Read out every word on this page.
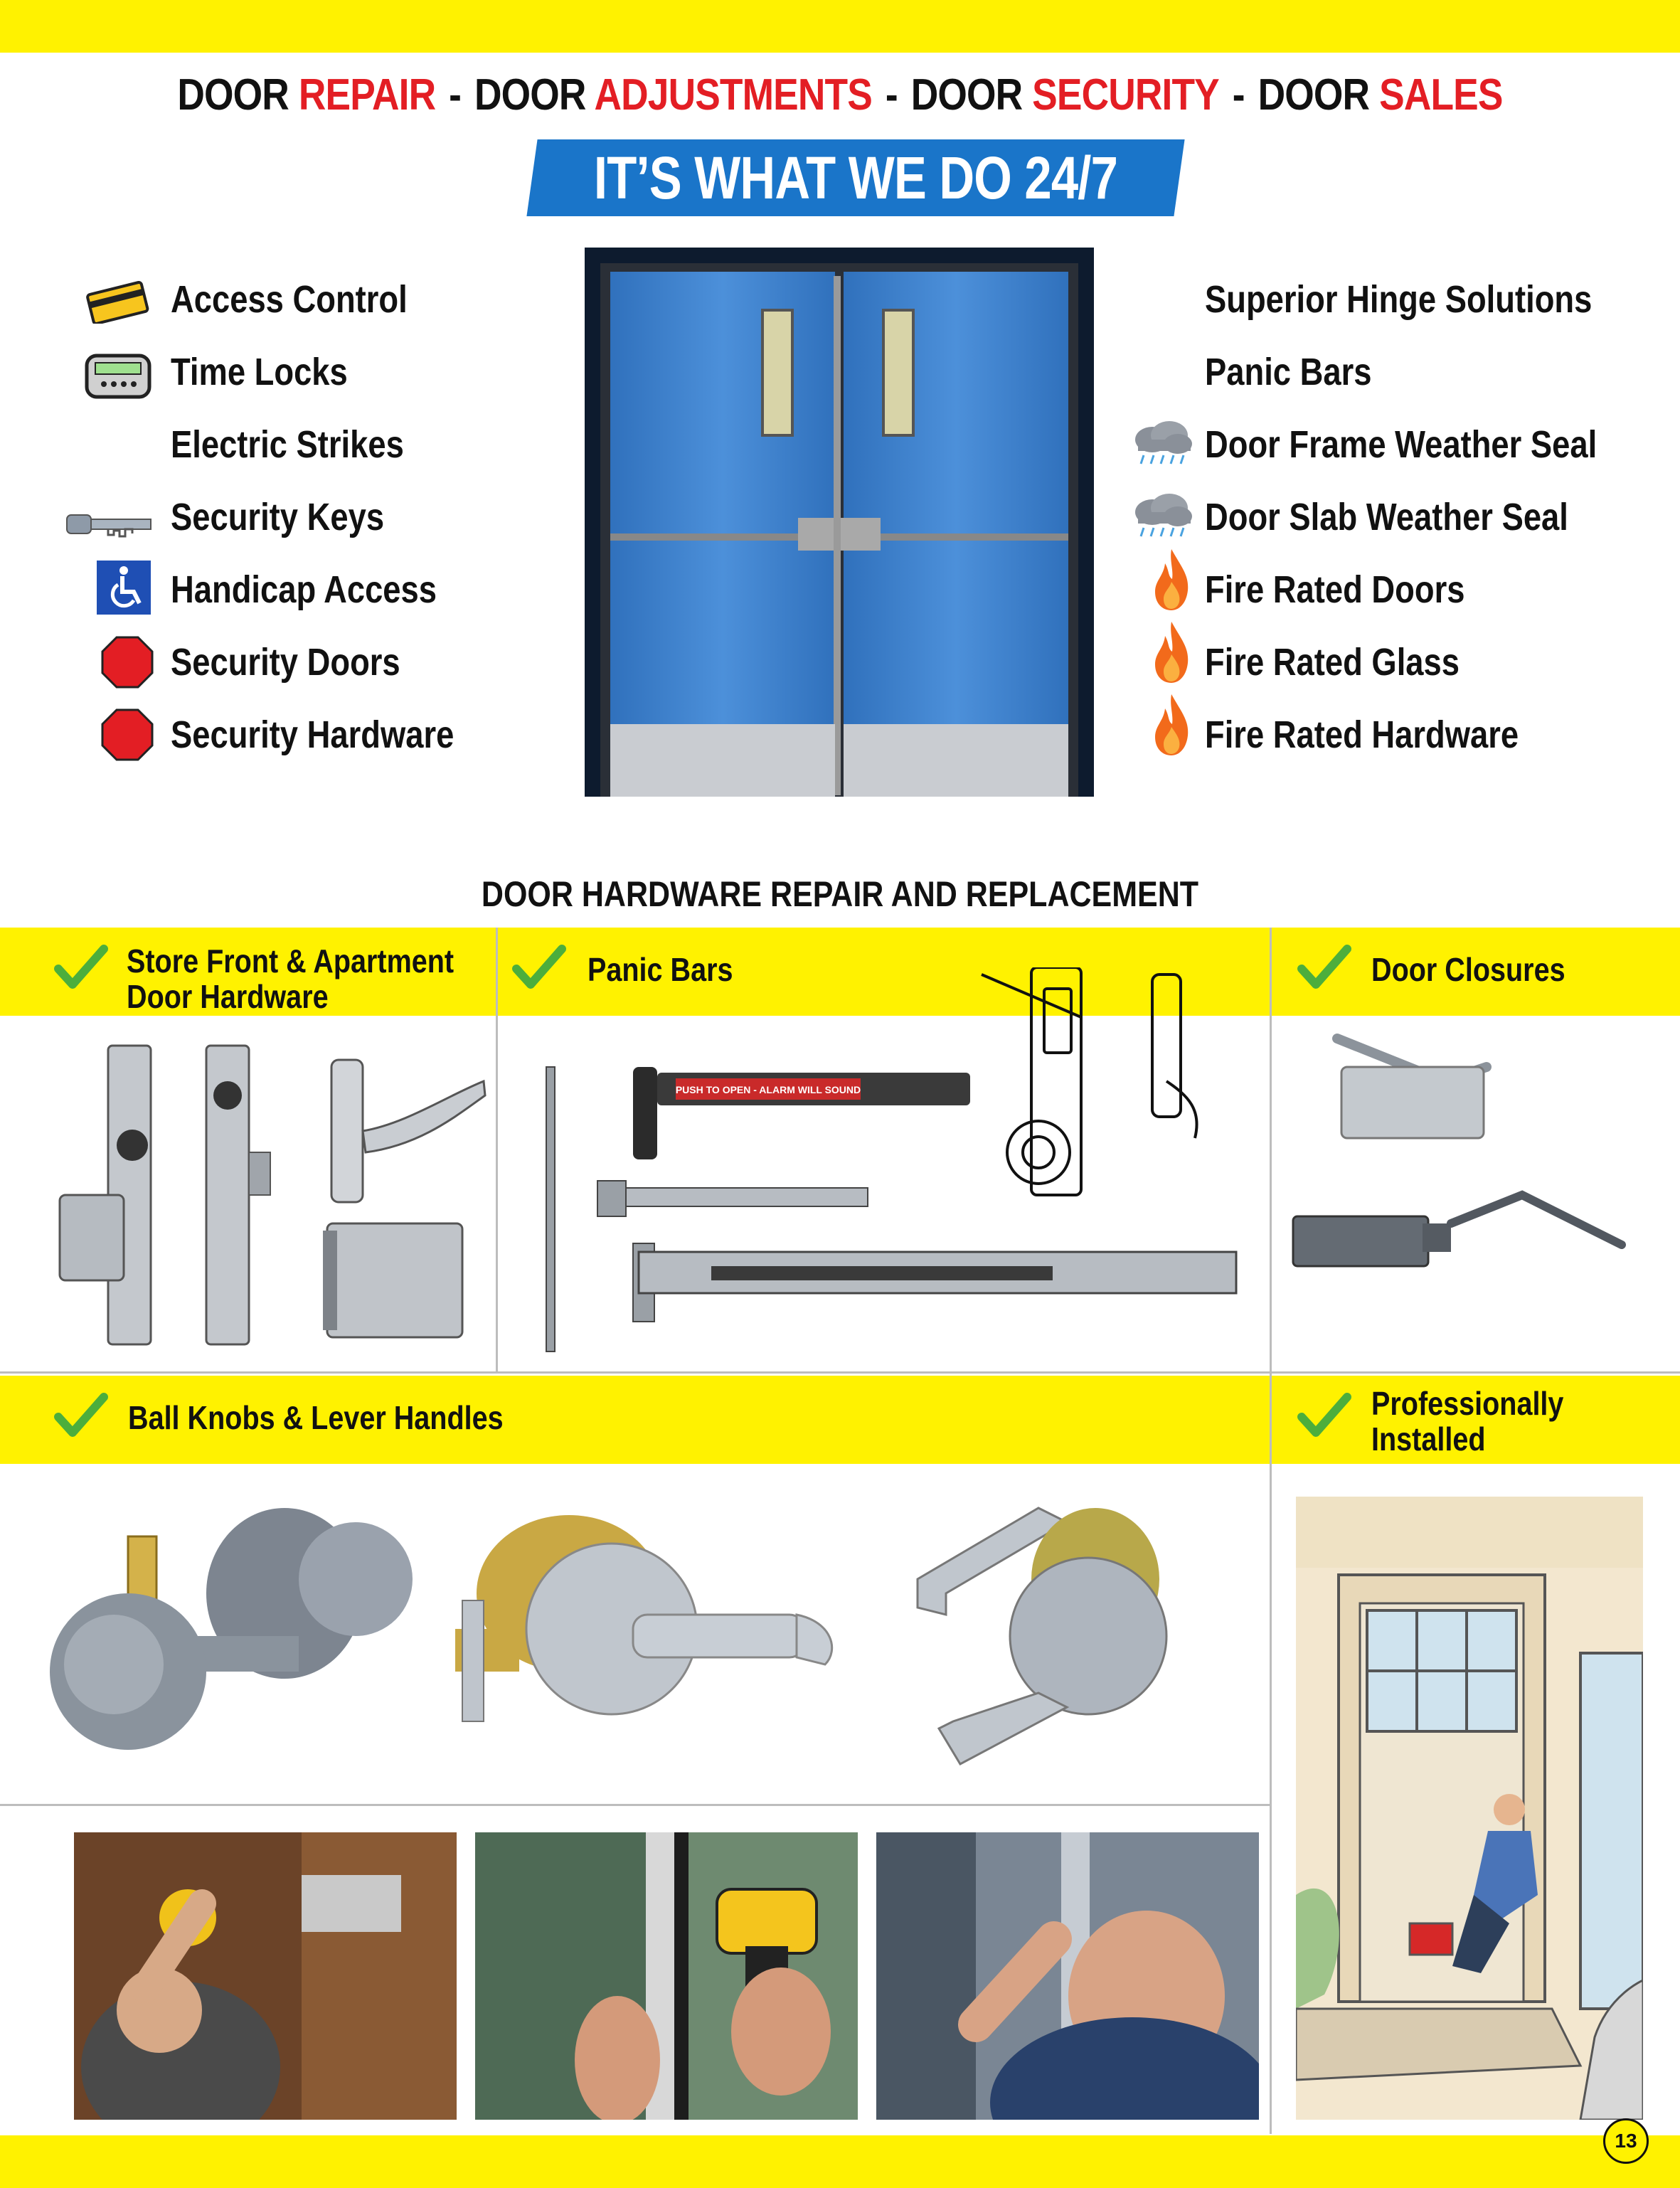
DOOR REPAIR - DOOR ADJUSTMENTS - DOOR SECURITY - DOOR SALES
IT’S WHAT WE DO 24/7
Access Control
Time Locks
Electric Strikes
Security Keys
Handicap Access
Security Doors
Security Hardware
Superior Hinge Solutions
Panic Bars
Door Frame Weather Seal
Door Slab Weather Seal
Fire Rated Doors
Fire Rated Glass
Fire Rated Hardware
DOOR HARDWARE REPAIR AND REPLACEMENT
Store Front & Apartment
Door Hardware
Panic Bars	Door Closures
Ball Knobs & Lever Handles	Professionally
Installed
PUSH TO OPEN - ALARM WILL SOUND
13
